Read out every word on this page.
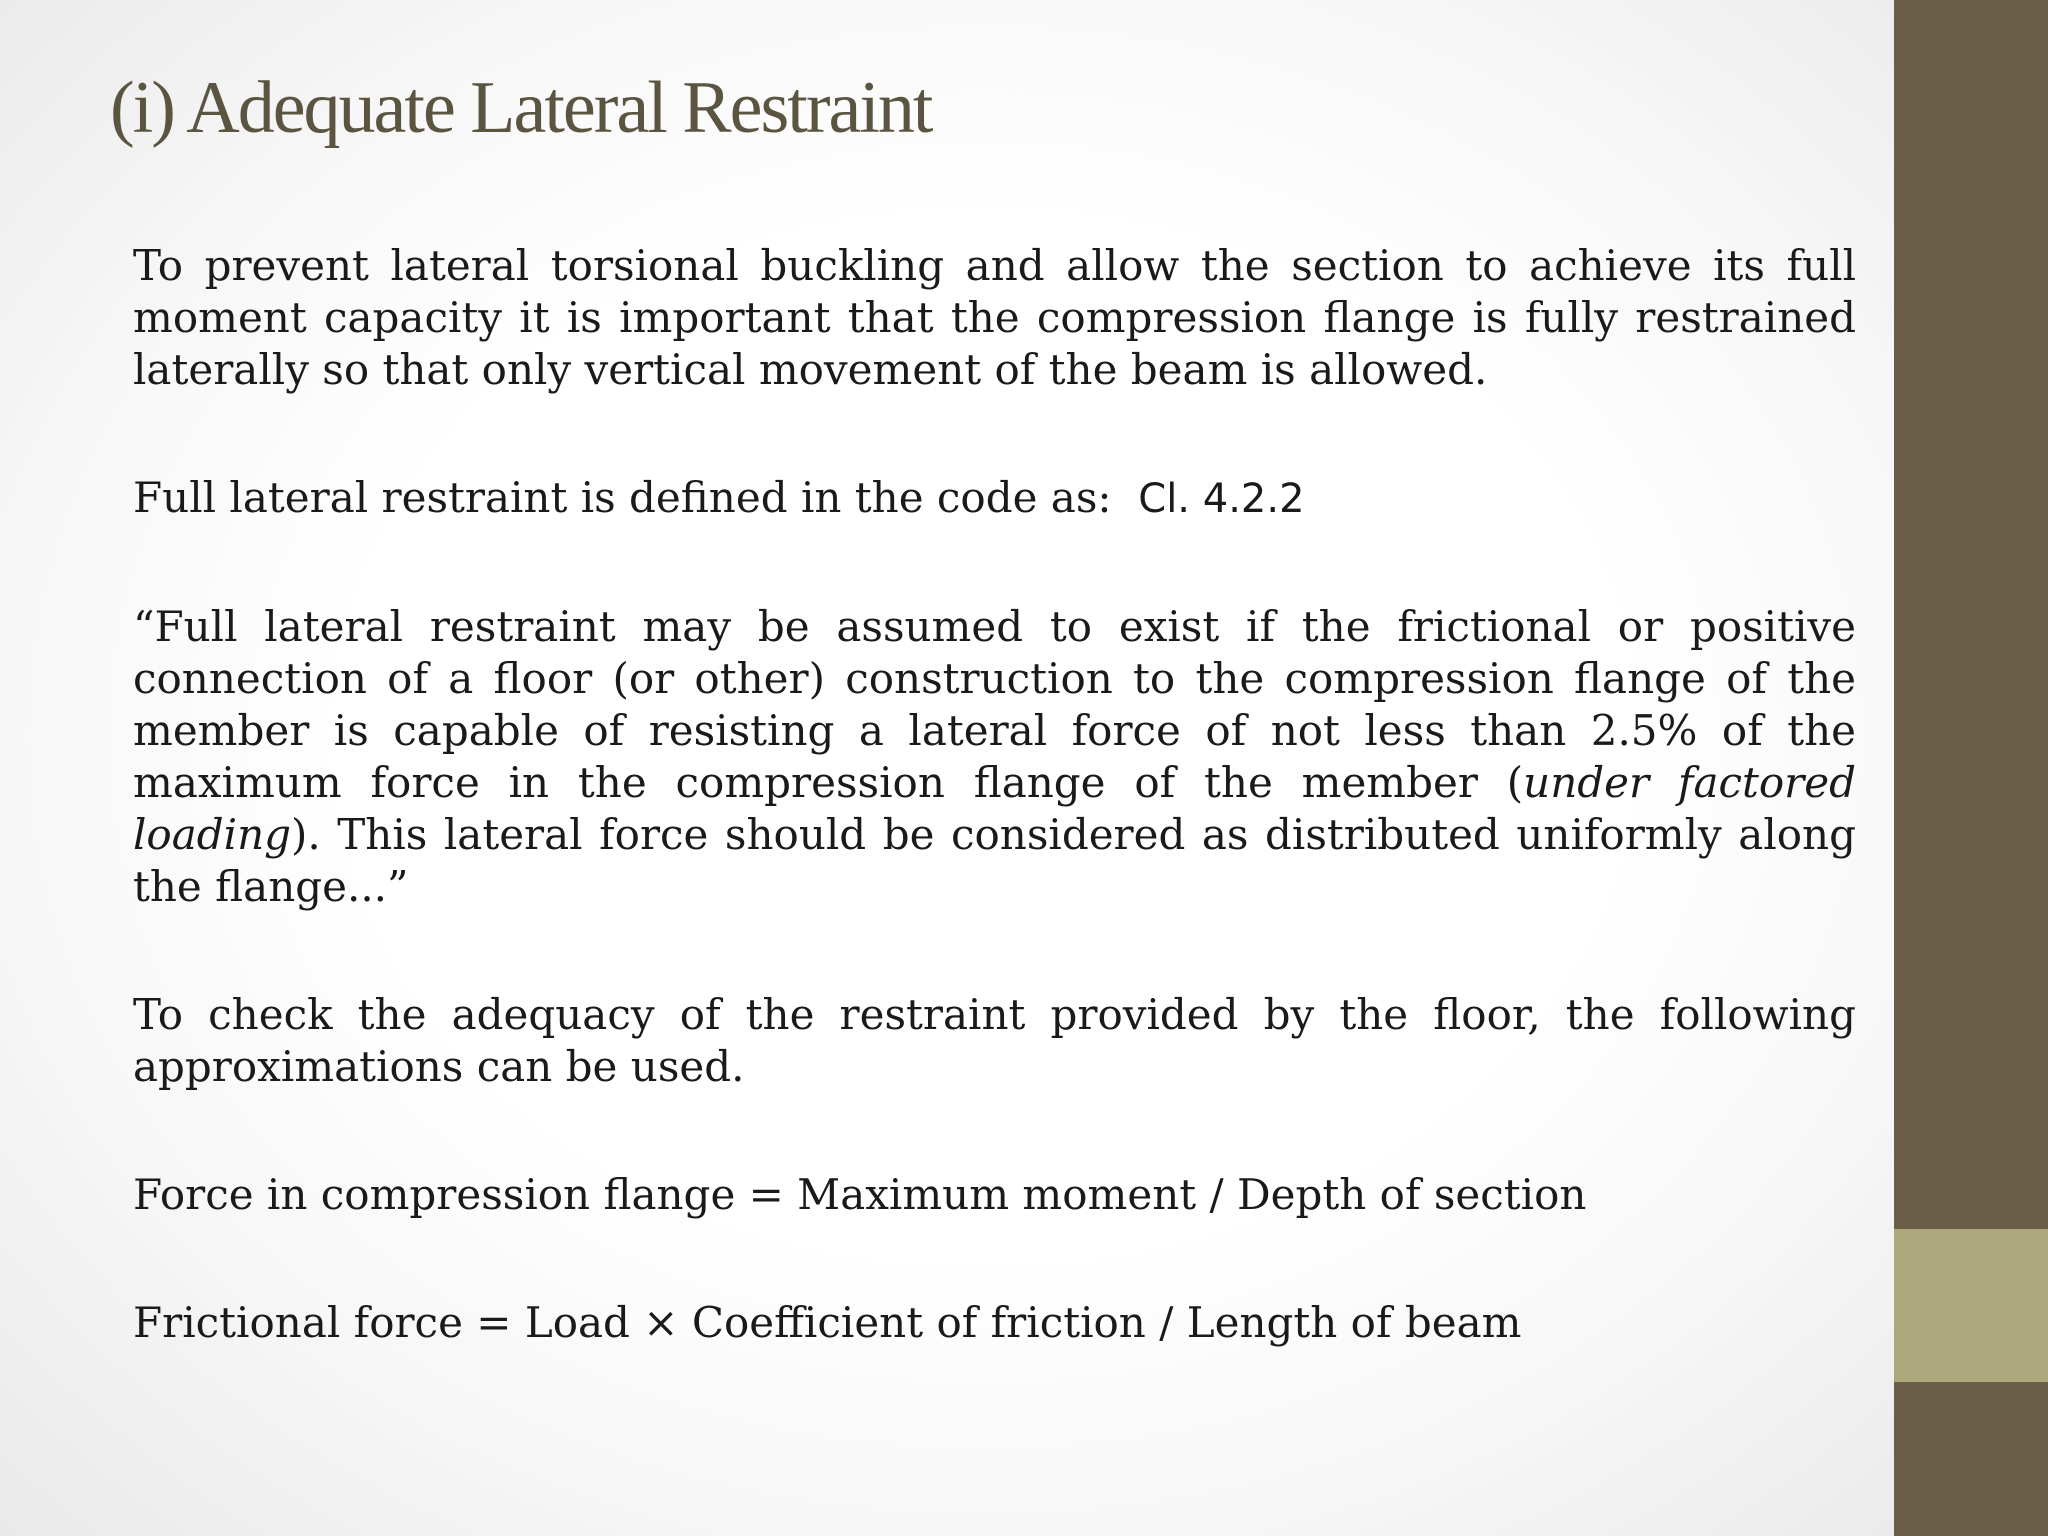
(i) Adequate Lateral Restraint

To prevent lateral torsional buckling and allow the section to achieve its full moment capacity it is important that the compression flange is fully restrained laterally so that only vertical movement of the beam is allowed.

Full lateral restraint is defined in the code as: Cl. 4.2.2

“Full lateral restraint may be assumed to exist if the frictional or positive connection of a floor (or other) construction to the compression flange of the member is capable of resisting a lateral force of not less than 2.5% of the maximum force in the compression flange of the member (under factored loading). This lateral force should be considered as distributed uniformly along the flange...”

To check the adequacy of the restraint provided by the floor, the following approximations can be used.

Force in compression flange = Maximum moment / Depth of section

Frictional force = Load × Coefficient of friction / Length of beam
